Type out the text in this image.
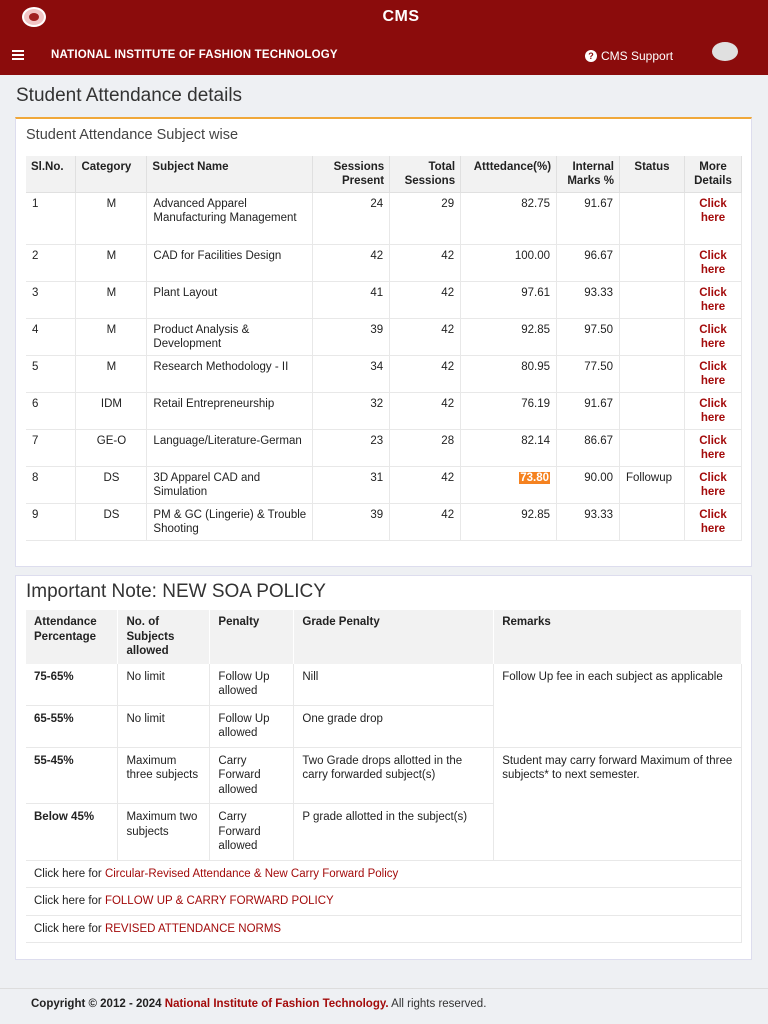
CMS
NATIONAL INSTITUTE OF FASHION TECHNOLOGY	? CMS Support
Student Attendance details
Student Attendance Subject wise
Sl.No.	Category	Subject Name	Sessions Present	Total Sessions	Atttedance(%)	Internal Marks %	Status	More Details
1	M	Advanced Apparel Manufacturing Management	24	29	82.75	91.67		Click here
2	M	CAD for Facilities Design	42	42	100.00	96.67		Click here
3	M	Plant Layout	41	42	97.61	93.33		Click here
4	M	Product Analysis & Development	39	42	92.85	97.50		Click here
5	M	Research Methodology - II	34	42	80.95	77.50		Click here
6	IDM	Retail Entrepreneurship	32	42	76.19	91.67		Click here
7	GE-O	Language/Literature-German	23	28	82.14	86.67		Click here
8	DS	3D Apparel CAD and Simulation	31	42	73.80	90.00	Followup	Click here
9	DS	PM & GC (Lingerie) & Trouble Shooting	39	42	92.85	93.33		Click here
Important Note: NEW SOA POLICY
Attendance Percentage	No. of Subjects allowed	Penalty	Grade Penalty	Remarks
75-65%	No limit	Follow Up allowed	Nill	Follow Up fee in each subject as applicable
65-55%	No limit	Follow Up allowed	One grade drop	
55-45%	Maximum three subjects	Carry Forward allowed	Two Grade drops allotted in the carry forwarded subject(s)	Student may carry forward Maximum of three subjects* to next semester.
Below 45%	Maximum two subjects	Carry Forward allowed	P grade allotted in the subject(s)	
Click here for Circular-Revised Attendance & New Carry Forward Policy				
Click here for FOLLOW UP & CARRY FORWARD POLICY				
Click here for REVISED ATTENDANCE NORMS				
Copyright © 2012 - 2024 National Institute of Fashion Technology. All rights reserved.
